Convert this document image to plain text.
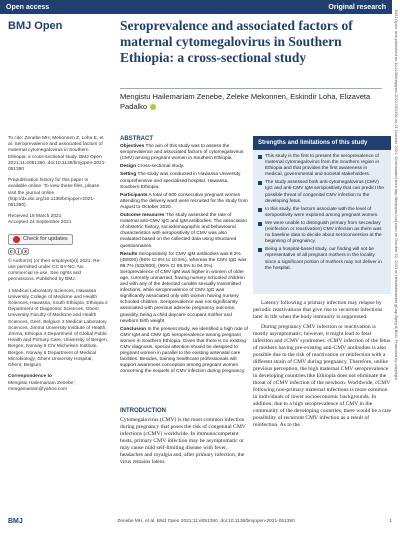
Open access	Original research
BMJ Open	Seroprevalence and associated factors of maternal cytomegalovirus in Southern Ethiopia: a cross-sectional study
Mengistu Hailemariam Zenebe, Zeleke Mekonnen, Eskindir Loha, Elizaveta Padalko
To cite: Zenebe MH, Mekonnen Z, Loha E, et al. Seroprevalence and associated factors of maternal cytomegalovirus in Southern Ethiopia: a cross-sectional study. BMJ Open 2021;11:e051390. doi:10.1136/bmjopen-2021-051390
Prepublication history for this paper is available online. To view these files, please visit the journal online (http://dx.doi.org/10.1136/bmjopen-2021-051390).
Received 18 March 2021
Accepted 24 September 2021
Check for updates
ⓒⓘⓢ
© Author(s) (or their employer(s)) 2021. Re-use permitted under CC BY-NC. No commercial re-use. See rights and permissions. Published by BMJ.
1 Medical Laboratory Sciences, Hawassa University College of Medicine and Health Sciences, Hawassa, South Ethiopia, Ethiopia 2 Department of Diagnostic Sciences, Ghent University Faculty of Medicine and Health Sciences, Gent, Belgium 3 Medical Laboratory Sciences, Jimma University Institute of Health, Jimma, Ethiopia 4 Department of Global Public Health and Primary Care, University of Bergen, Bergen, Norway 5 Chr Michelsen Institute, Bergen, Norway 6 Department of Medical Microbiology, Ghent University Hospital, Ghent, Belgium
Correspondence to
Mengistu Hailemariam Zenebe; mengamariam@yahoo.com
ABSTRACT

Objectives The aim of this study was to assess the seroprevalence and associated factors of cytomegalovirus (CMV) among pregnant women in Southern Ethiopia.

Design Cross-sectional study.

Setting The study was conducted in Hawassa University comprehensive and specialised hospital, Hawassa, Southern Ethiopia.

Participants A total of 600 consecutive pregnant women attending the delivery ward were recruited for the study from August to October 2020.

Outcome measures The study assessed the rate of maternal anti-CMV IgG and IgM antibodies. The association of obstetric history, sociodemographic and behavioural characteristics with seropositivity of CMV was also evaluated based on the collected data using structured questionnaires.

Results Seropositivity for CMV IgM antibodies was 8.2% (49/600) (95% CI 6% to 10.5%), whereas the CMV IgG was 88.7% (532/600), (95% CI 89.5% to 94.0%). Seroprevalence of CMV IgM was higher in women of older age, currently unmarried, having nursery schooled children and with any of the detected curable sexually transmitted infections, while seroprevalence of CMV IgG was significantly associated only with women having nursery schooled children. Seroprevalence was not significantly associated with previous adverse pregnancy outcome, gravidity, being a child daycare occupant mother and newborn birth weight.

Conclusion In the present study, we identified a high rate of CMV IgM and CMV IgG seroprevalence among pregnant women in Southern Ethiopia. Given that there is no existing CMV diagnosis, special attention should be designed to pregnant women in parallel to the existing antenatal care facilities. Besides, training healthcare professionals will support awareness conception among pregnant women concerning the sequels of CMV infection during pregnancy.

INTRODUCTION

Cytomegalovirus (CMV) is the most common infection during pregnancy that poses the risk of congenital CMV infections (cCMV) worldwide. In immunocompetent hosts, primary CMV infection may be asymptomatic or may cause mild self-limiting disease with fever, headaches and myalgia and, after primary infection, the virus remains latent.

Strengths and limitations of this study
This study is the first to present the seroprevalence of maternal cytomegalovirus from the Southern region in Ethiopia and that provides the first awareness in medical, governmental and societal stakeholders.
The study assessed both anti-cytomegalovirus (CMV) IgG and anti-CMV IgM seropositivity that can predict the possible threat of congenital CMV infection to the developing fetus.
In this study, the factors associate with the level of seropositivity were explored among pregnant women.
We were unable to distinguish primary from secondary (reinfection or reactivation) CMV infection as there was no baseline data to decide about seroconversion at the beginning of pregnancy.
Being a hospital-based study, our finding will not be representative of all pregnant mothers in the locality since a significant portion of mothers may not deliver in the hospital.

Latency following a primary infection may relapse by periodic reactivations that give rise to recurrent infections later in life when the body immunity is suppressed.

During pregnancy CMV infection or reactivation is mostly asymptomatic; however, it might lead to fetal infection and cCMV syndromes. cCMV infection of the fetus of mothers having pre-existing anti-CMV antibodies is also possible due to the risk of reactivation or reinfection with a different strain of CMV during pregnancy. Therefore, unlike previous perception, the high maternal CMV seroprevalence in developing countries like Ethiopia does not eliminate the threat of cCMV infection of the newborn. Worldwide, cCMV following non-primary maternal infections is more common in individuals of lower socioeconomic backgrounds. In addition, due to a high seroprevalence of CMV in the community of the developing countries, there would be a rare possibility of recurrent CMV infection as a result of reinfection. As to the

BMJ Open: first published as 10.1136/bmjopen-2021-051390 on 21 October 2021. Downloaded from http://bmjopen.bmj.com/ on October 22, 2021 at Helsebiblioteket gf-Isp Bjerg til BMJ. Protected by copyright.
BMJ	Zenebe MH, et al. BMJ Open 2021;11:e051390. doi:10.1136/bmjopen-2021-051390	1
